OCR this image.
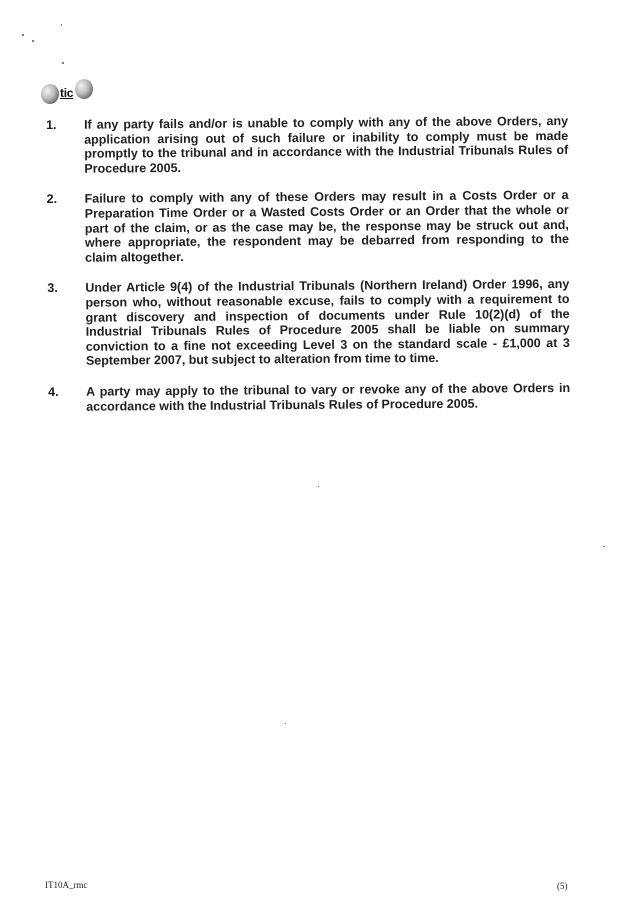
tic
1.	If any party fails and/or is unable to comply with any of the above Orders, any application arising out of such failure or inability to comply must be made promptly to the tribunal and in accordance with the Industrial Tribunals Rules of Procedure 2005.
2.	Failure to comply with any of these Orders may result in a Costs Order or a Preparation Time Order or a Wasted Costs Order or an Order that the whole or part of the claim, or as the case may be, the response may be struck out and, where appropriate, the respondent may be debarred from responding to the claim altogether.
3.	Under Article 9(4) of the Industrial Tribunals (Northern Ireland) Order 1996, any person who, without reasonable excuse, fails to comply with a requirement to grant discovery and inspection of documents under Rule 10(2)(d) of the Industrial Tribunals Rules of Procedure 2005 shall be liable on summary conviction to a fine not exceeding Level 3 on the standard scale - £1,000 at 3 September 2007, but subject to alteration from time to time.
4.	A party may apply to the tribunal to vary or revoke any of the above Orders in accordance with the Industrial Tribunals Rules of Procedure 2005.
IT10A_rmc	(5)
